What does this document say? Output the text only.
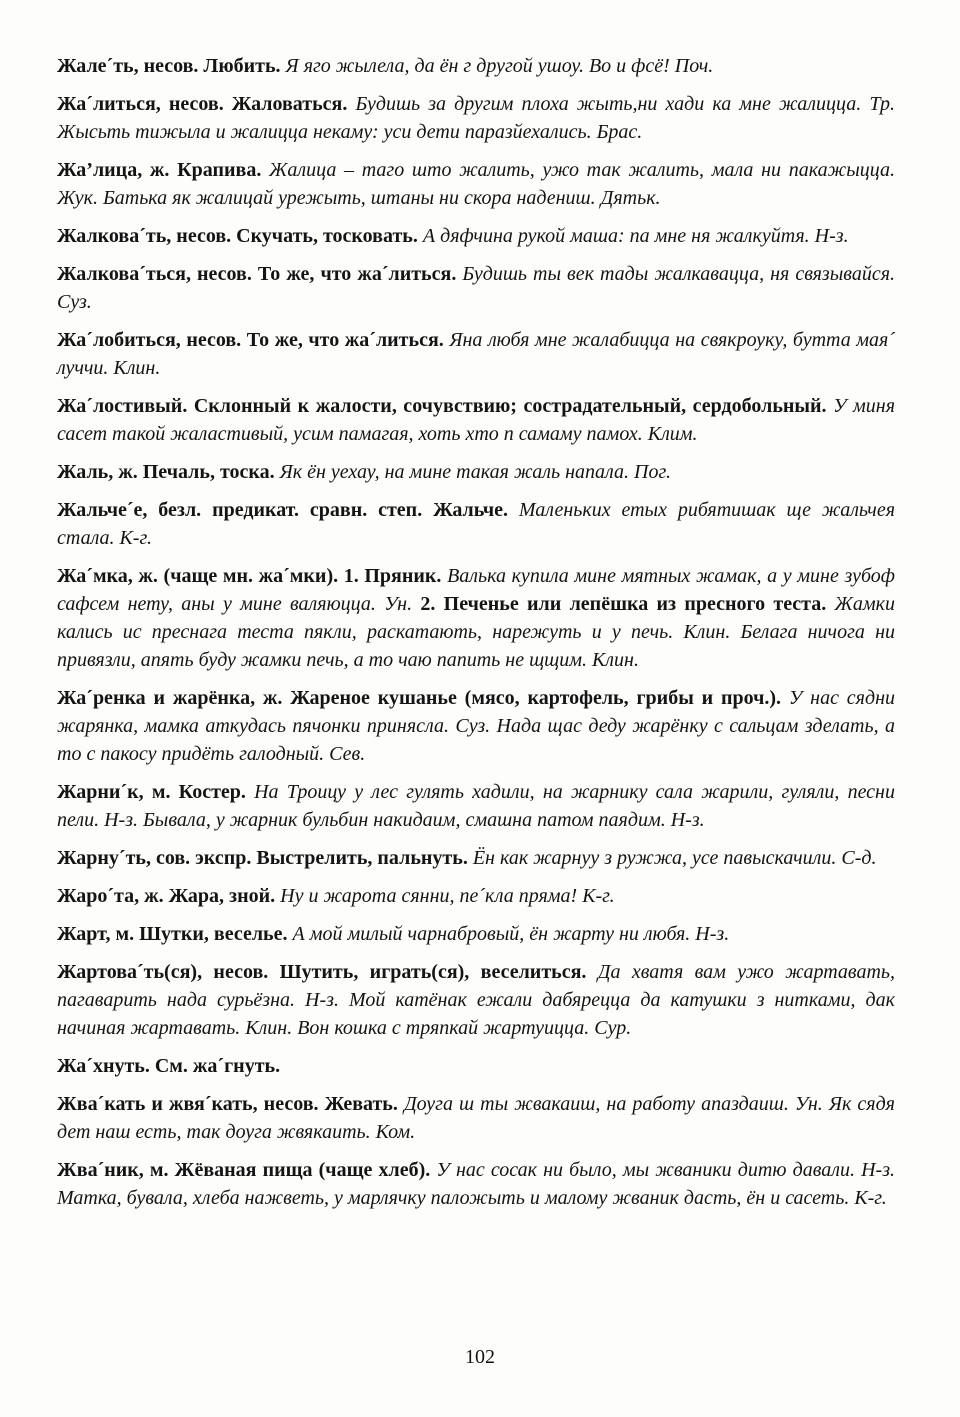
Жале´ть, несов. Любить. Я яго жылела, да ён г другой ушоу. Во и фсё! Поч.

Жа´литься, несов. Жаловаться. Будишь за другим плоха жыть,ни хади ка мне жалицца. Тр. Жысьть тижыла и жалицца некаму: уси дети паразйехались. Брас.

Жа’лица, ж. Крапива. Жалица – таго што жалить, ужо так жалить, мала ни пакажыцца. Жук. Батька як жалицай урежыть, штаны ни скора надениш. Дятьк.

Жалкова´ть, несов. Скучать, тосковать. А дяфчина рукой маша: па мне ня жалкуйтя. Н-з.

Жалкова´ться, несов. То же, что жа´литься. Будишь ты век тады жалкавацца, ня связывайся. Суз.

Жа´лобиться, несов. То же, что жа´литься. Яна любя мне жалабицца на свякроуку, бутта мая´ луччи. Клин.

Жа´лостивый. Склонный к жалости, сочувствию; сострадательный, сердобольный. У миня сасет такой жаластивый, усим памагая, хоть хто п самаму памох. Клим.

Жаль, ж. Печаль, тоска. Як ён уехау, на мине такая жаль напала. Пог.

Жальче´е, безл. предикат. сравн. степ. Жальче. Маленьких етых рибятишак ще жальчея стала. К-г.

Жа´мка, ж. (чаще мн. жа´мки). 1. Пряник. Валька купила мине мятных жамак, а у мине зубоф сафсем нету, аны у мине валяюцца. Ун. 2. Печенье или лепёшка из пресного теста. Жамки кались ис преснага теста пякли, раскатають, нарежуть и у печь. Клин. Белага ничога ни привязли, апять буду жамки печь, а то чаю папить не щщим. Клин.

Жа´ренка и жарёнка, ж. Жареное кушанье (мясо, картофель, грибы и проч.). У нас сядни жарянка, мамка аткудась пячонки принясла. Суз. Нада щас деду жарёнку с сальцам зделать, а то с пакосу придёть галодный. Сев.

Жарни´к, м. Костер. На Троицу у лес гулять хадили, на жарнику сала жарили, гуляли, песни пели. Н-з. Бывала, у жарник бульбин накидаим, смашна патом паядим. Н-з.

Жарну´ть, сов. экспр. Выстрелить, пальнуть. Ён как жарнуу з ружжа, усе павыскачили. С-д.

Жаро´та, ж. Жара, зной. Ну и жарота сянни, пе´кла пряма! К-г.

Жарт, м. Шутки, веселье. А мой милый чарнабровый, ён жарту ни любя. Н-з.

Жартова´ть(ся), несов. Шутить, играть(ся), веселиться. Да хватя вам ужо жартавать, пагаварить нада сурьёзна. Н-з. Мой катёнак ежали дабярецца да катушки з нитками, дак начиная жартавать. Клин. Вон кошка с тряпкай жартуицца. Сур.

Жа´хнуть. См. жа´гнуть.

Жва´кать и жвя´кать, несов. Жевать. Доуга ш ты жвакаиш, на работу апаздаиш. Ун. Як сядя дет наш есть, так доуга жвякаить. Ком.

Жва´ник, м. Жёваная пища (чаще хлеб). У нас сосак ни было, мы жваники дитю давали. Н-з. Матка, бувала, хлеба нажветь, у марлячку паложыть и малому жваник дасть, ён и сасеть. К-г.

102
